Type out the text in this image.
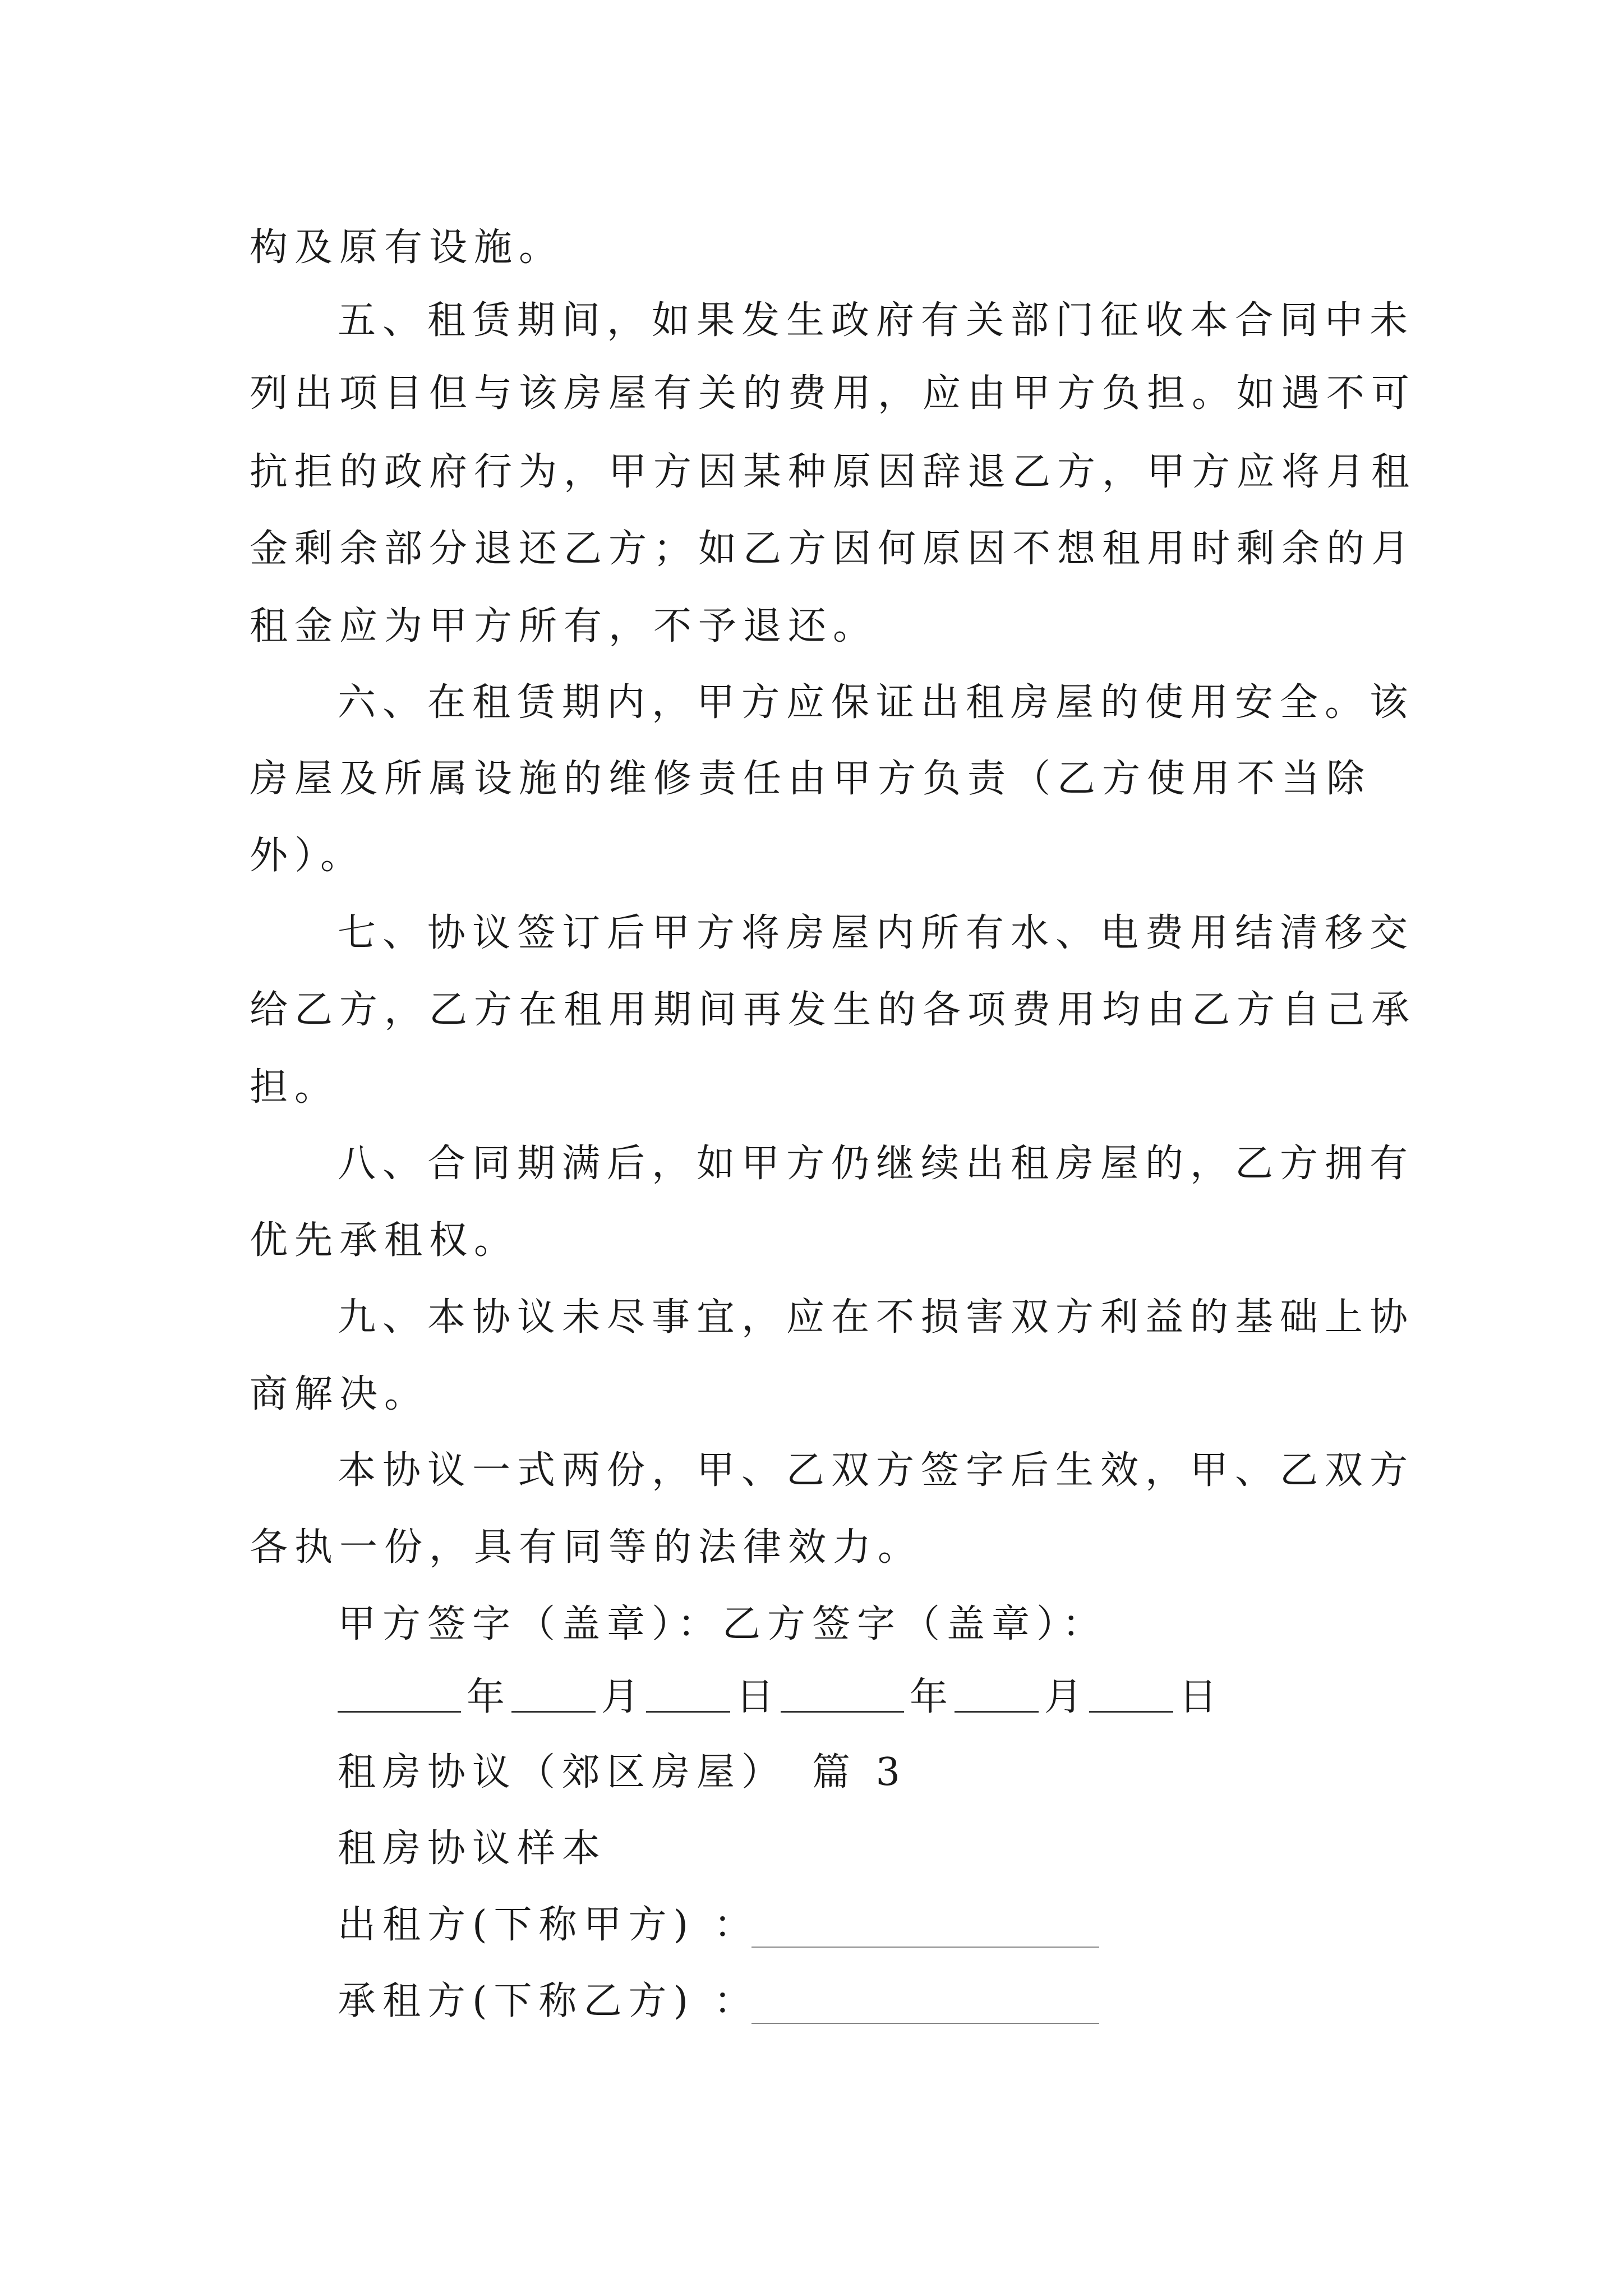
构及原有设施。
五、租赁期间，如果发生政府有关部门征收本合同中未
列出项目但与该房屋有关的费用，应由甲方负担。如遇不可
抗拒的政府行为，甲方因某种原因辞退乙方，甲方应将月租
金剩余部分退还乙方；如乙方因何原因不想租用时剩余的月
租金应为甲方所有，不予退还。
六、在租赁期内，甲方应保证出租房屋的使用安全。该
房屋及所属设施的维修责任由甲方负责（乙方使用不当除
外）。
七、协议签订后甲方将房屋内所有水、电费用结清移交
给乙方，乙方在租用期间再发生的各项费用均由乙方自己承
担。
八、合同期满后，如甲方仍继续出租房屋的，乙方拥有
优先承租权。
九、本协议未尽事宜，应在不损害双方利益的基础上协
商解决。
本协议一式两份，甲、乙双方签字后生效，甲、乙双方
各执一份，具有同等的法律效力。
甲方签字（盖章）：乙方签字（盖章）：
年 月 日	年 月 日
租房协议（郊区房屋）　篇 3
租房协议样本
出租方(下称甲方) ：
承租方(下称乙方) ：
